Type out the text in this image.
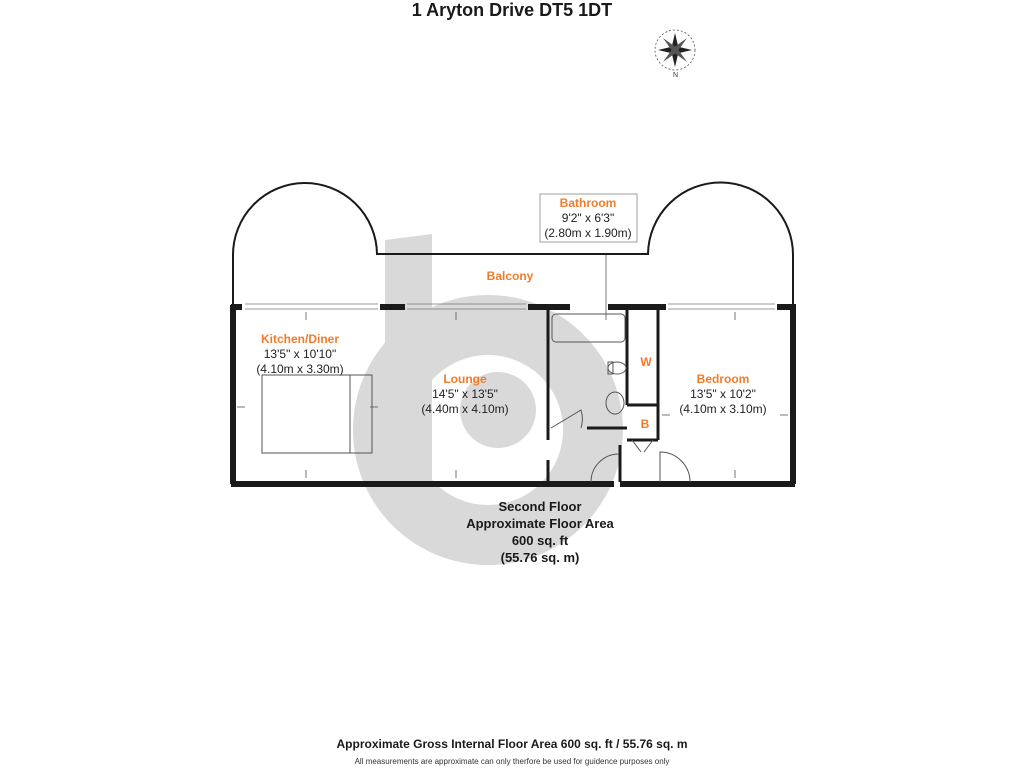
1 Aryton Drive DT5 1DT
N
Bathroom
9'2" x 6'3"
(2.80m x 1.90m)
Balcony
Kitchen/Diner
13'5" x 10'10"
(4.10m x 3.30m)
Lounge
14'5" x 13'5"
(4.40m x 4.10m)
Bedroom
13'5" x 10'2"
(4.10m x 3.10m)
W
B
Second Floor
Approximate Floor Area
600 sq. ft
(55.76 sq. m)
Approximate Gross Internal Floor Area 600 sq. ft / 55.76 sq. m
All measurements are approximate can only therfore be used for guidence purposes only
